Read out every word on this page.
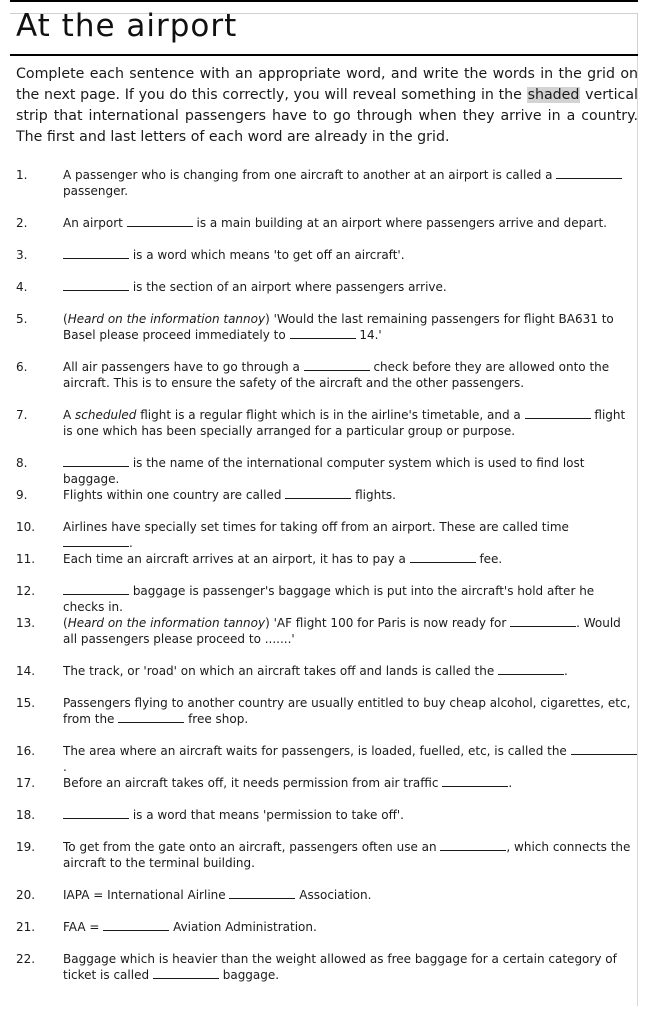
At the airport
Complete each sentence with an appropriate word, and write the words in the grid on the next page. If you do this correctly, you will reveal something in the shaded vertical strip that international passengers have to go through when they arrive in a country. The first and last letters of each word are already in the grid.
1.	A passenger who is changing from one aircraft to another at an airport is called a
passenger.
2.	An airport	is a main building at an airport where passengers arrive and depart.
3.	is a word which means 'to get off an aircraft'.
4.	is the section of an airport where passengers arrive.
5.	(Heard on the information tannoy) 'Would the last remaining passengers for flight BA631 to Basel please proceed immediately to	14.'
6.	All air passengers have to go through a	check before they are allowed onto the aircraft. This is to ensure the safety of the aircraft and the other passengers.
7.	A scheduled flight is a regular flight which is in the airline's timetable, and a	flight is one which has been specially arranged for a particular group or purpose.
8.	is the name of the international computer system which is used to find lost baggage.
9.	Flights within one country are called	flights.
10.	Airlines have specially set times for taking off from an airport. These are called time .
11.	Each time an aircraft arrives at an airport, it has to pay a	fee.
12.	baggage is passenger's baggage which is put into the aircraft's hold after he checks in.
13.	(Heard on the information tannoy) 'AF flight 100 for Paris is now ready for	. Would all passengers please proceed to .......'
14.	The track, or 'road' on which an aircraft takes off and lands is called the	.
15.	Passengers flying to another country are usually entitled to buy cheap alcohol, cigarettes, etc, from the	free shop.
16.	The area where an aircraft waits for passengers, is loaded, fuelled, etc, is called the .
17.	Before an aircraft takes off, it needs permission from air traffic	.
18.	is a word that means 'permission to take off'.
19.	To get from the gate onto an aircraft, passengers often use an	, which connects the aircraft to the terminal building.
20.	IAPA = International Airline	Association.
21.	FAA =	Aviation Administration.
22.	Baggage which is heavier than the weight allowed as free baggage for a certain category of ticket is called	baggage.
